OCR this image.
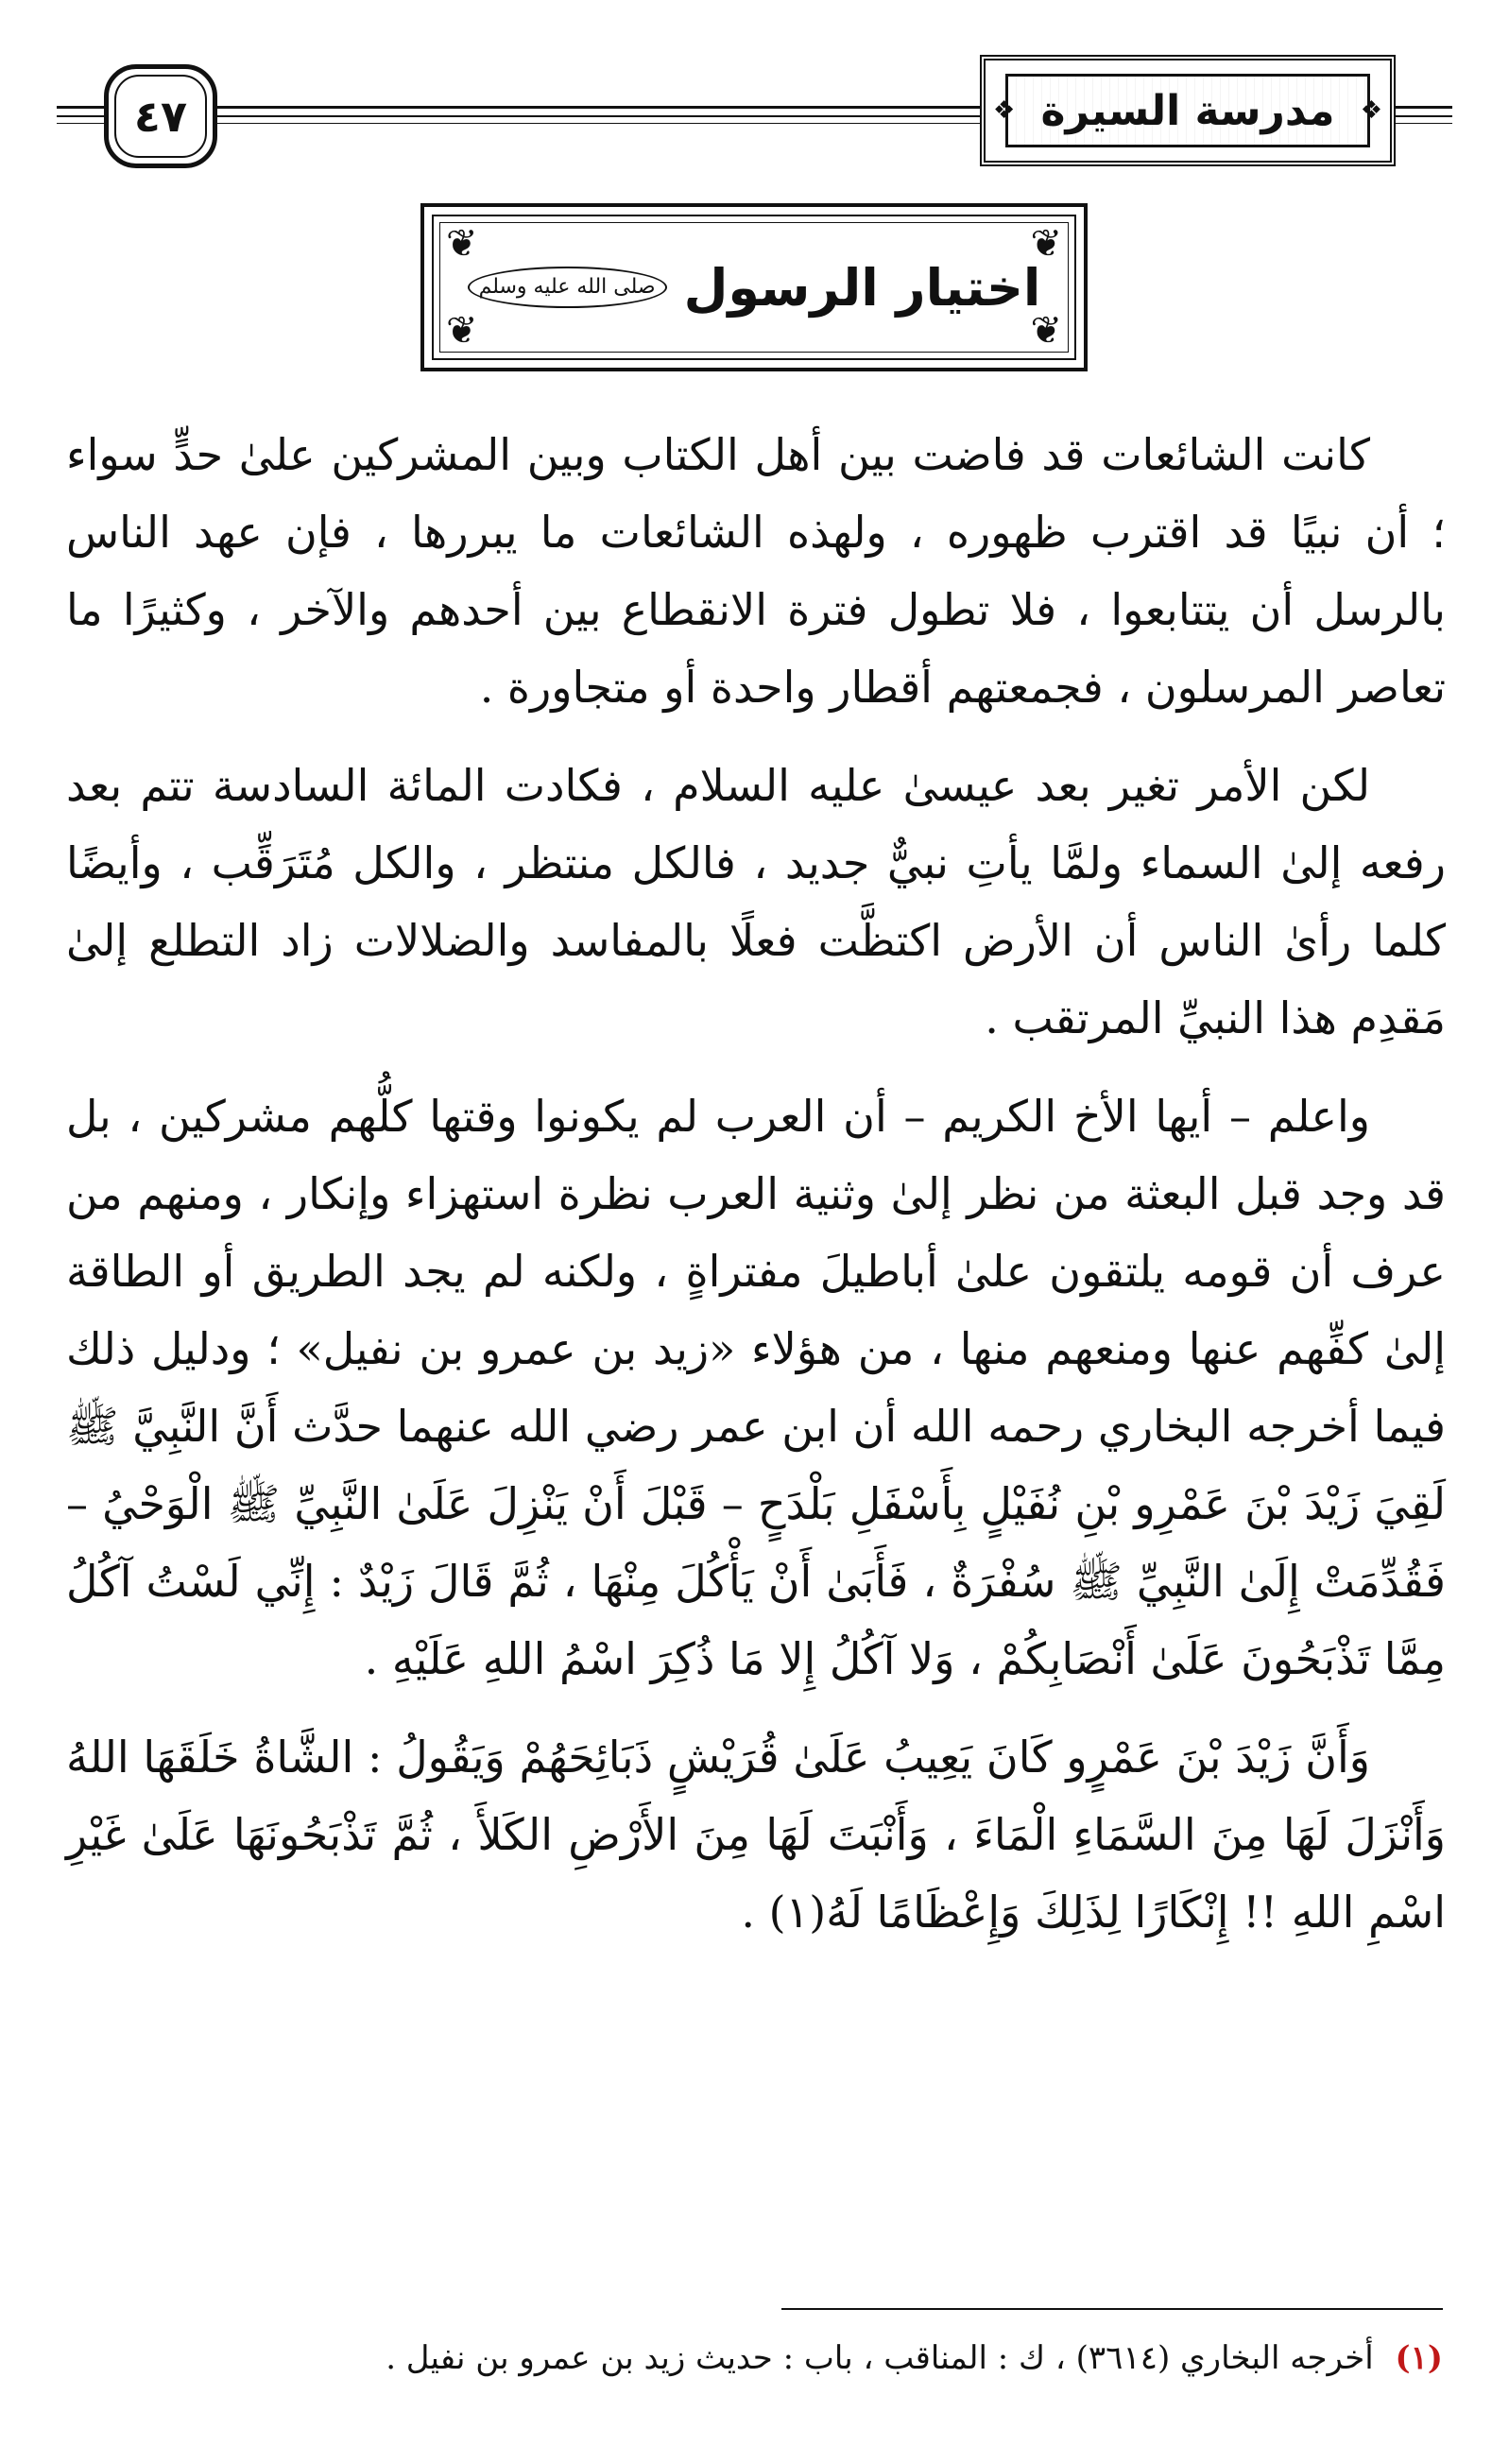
٤٧	❖
مدرسة السيرة
❖
❦	❦
❦	❦
اختيار الرسول
صلى الله عليه وسلم

كانت الشائعات قد فاضت بين أهل الكتاب وبين المشركين علىٰ حدٍّ سواء ؛ أن نبيًا قد اقترب ظهوره ، ولهذه الشائعات ما يبررها ، فإن عهد الناس بالرسل أن يتتابعوا ، فلا تطول فترة الانقطاع بين أحدهم والآخر ، وكثيرًا ما تعاصر المرسلون ، فجمعتهم أقطار واحدة أو متجاورة .

لكن الأمر تغير بعد عيسىٰ عليه السلام ، فكادت المائة السادسة تتم بعد رفعه إلىٰ السماء ولمَّا يأتِ نبيٌّ جديد ، فالكل منتظر ، والكل مُتَرَقِّب ، وأيضًا كلما رأىٰ الناس أن الأرض اكتظَّت فعلًا بالمفاسد والضلالات زاد التطلع إلىٰ مَقدِم هذا النبيِّ المرتقب .

واعلم – أيها الأخ الكريم – أن العرب لم يكونوا وقتها كلُّهم مشركين ، بل قد وجد قبل البعثة من نظر إلىٰ وثنية العرب نظرة استهزاء وإنكار ، ومنهم من عرف أن قومه يلتقون علىٰ أباطيلَ مفتراةٍ ، ولكنه لم يجد الطريق أو الطاقة إلىٰ كفِّهم عنها ومنعهم منها ، من هؤلاء «زيد بن عمرو بن نفيل» ؛ ودليل ذلك فيما أخرجه البخاري رحمه الله أن ابن عمر رضي الله عنهما حدَّث أَنَّ النَّبِيَّ ﷺ لَقِيَ زَيْدَ بْنَ عَمْرِو بْنِ نُفَيْلٍ بِأَسْفَلِ بَلْدَحٍ – قَبْلَ أَنْ يَنْزِلَ عَلَىٰ النَّبِيِّ ﷺ الْوَحْيُ – فَقُدِّمَتْ إِلَىٰ النَّبِيِّ ﷺ سُفْرَةٌ ، فَأَبَىٰ أَنْ يَأْكُلَ مِنْهَا ، ثُمَّ قَالَ زَيْدٌ : إِنِّي لَسْتُ آكُلُ مِمَّا تَذْبَحُونَ عَلَىٰ أَنْصَابِكُمْ ، وَلا آكُلُ إِلا مَا ذُكِرَ اسْمُ اللهِ عَلَيْهِ .

وَأَنَّ زَيْدَ بْنَ عَمْرٍو كَانَ يَعِيبُ عَلَىٰ قُرَيْشٍ ذَبَائِحَهُمْ وَيَقُولُ : الشَّاةُ خَلَقَهَا اللهُ وَأَنْزَلَ لَهَا مِنَ السَّمَاءِ الْمَاءَ ، وَأَنْبَتَ لَهَا مِنَ الأَرْضِ الكَلأَ ، ثُمَّ تَذْبَحُونَهَا عَلَىٰ غَيْرِ اسْمِ اللهِ !! إِنْكَارًا لِذَلِكَ وَإِعْظَامًا لَهُ(١) .

(١) أخرجه البخاري (٣٦١٤) ، ك : المناقب ، باب : حديث زيد بن عمرو بن نفيل .
